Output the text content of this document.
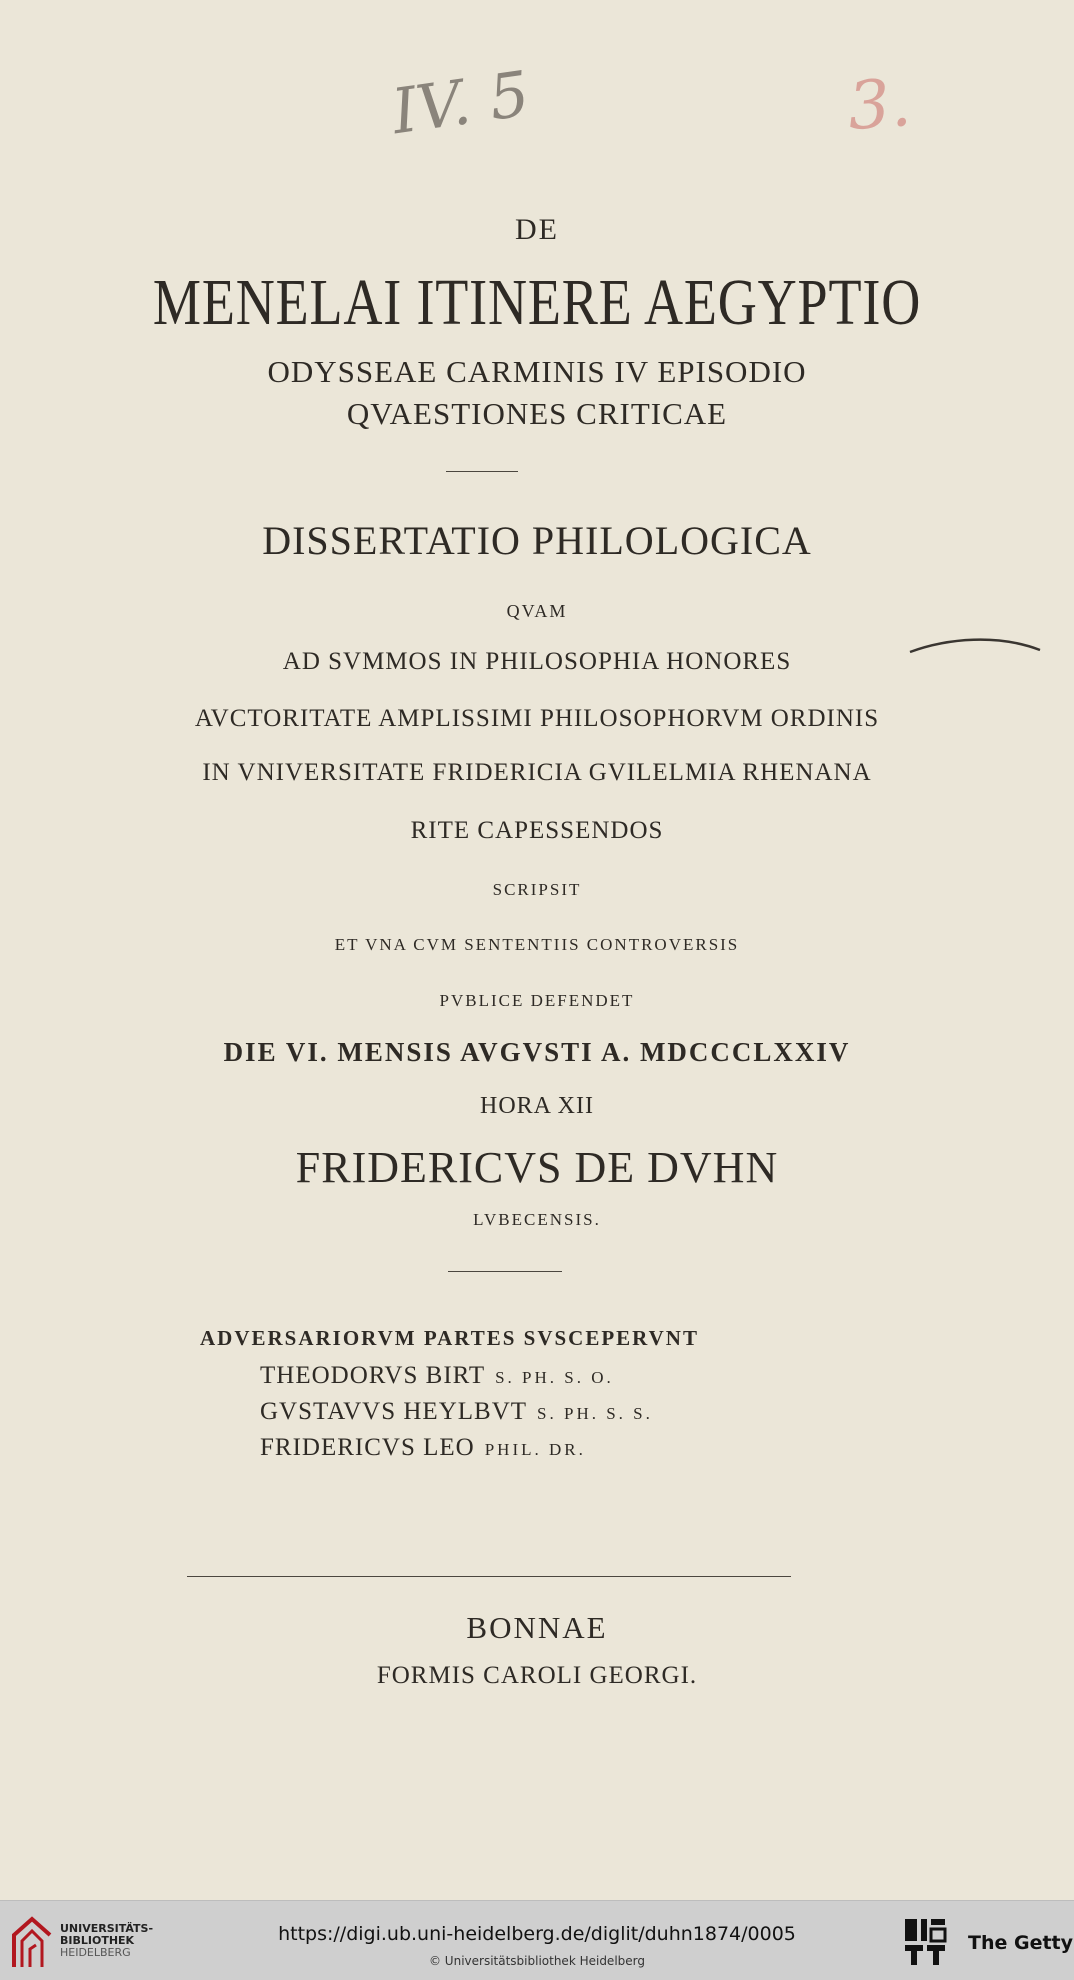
IV. 5	3.
DE
MENELAI ITINERE AEGYPTIO
ODYSSEAE CARMINIS IV EPISODIO
QVAESTIONES CRITICAE
DISSERTATIO PHILOLOGICA
QVAM
AD SVMMOS IN PHILOSOPHIA HONORES
AVCTORITATE AMPLISSIMI PHILOSOPHORVM ORDINIS
IN VNIVERSITATE FRIDERICIA GVILELMIA RHENANA
RITE CAPESSENDOS
SCRIPSIT
ET VNA CVM SENTENTIIS CONTROVERSIS
PVBLICE DEFENDET
DIE VI. MENSIS AVGVSTI A. MDCCCLXXIV
HORA XII
FRIDERICVS DE DVHN
LVBECENSIS.
ADVERSARIORVM PARTES SVSCEPERVNT
THEODORVS BIRT S. PH. S. O.
GVSTAVVS HEYLBVT S. PH. S. S.
FRIDERICVS LEO PHIL. DR.
BONNAE
FORMIS CAROLI GEORGI.
UNIVERSITÄTS-
BIBLIOTHEK
HEIDELBERG
https://digi.ub.uni-heidelberg.de/diglit/duhn1874/0005
© Universitätsbibliothek Heidelberg
The Getty
